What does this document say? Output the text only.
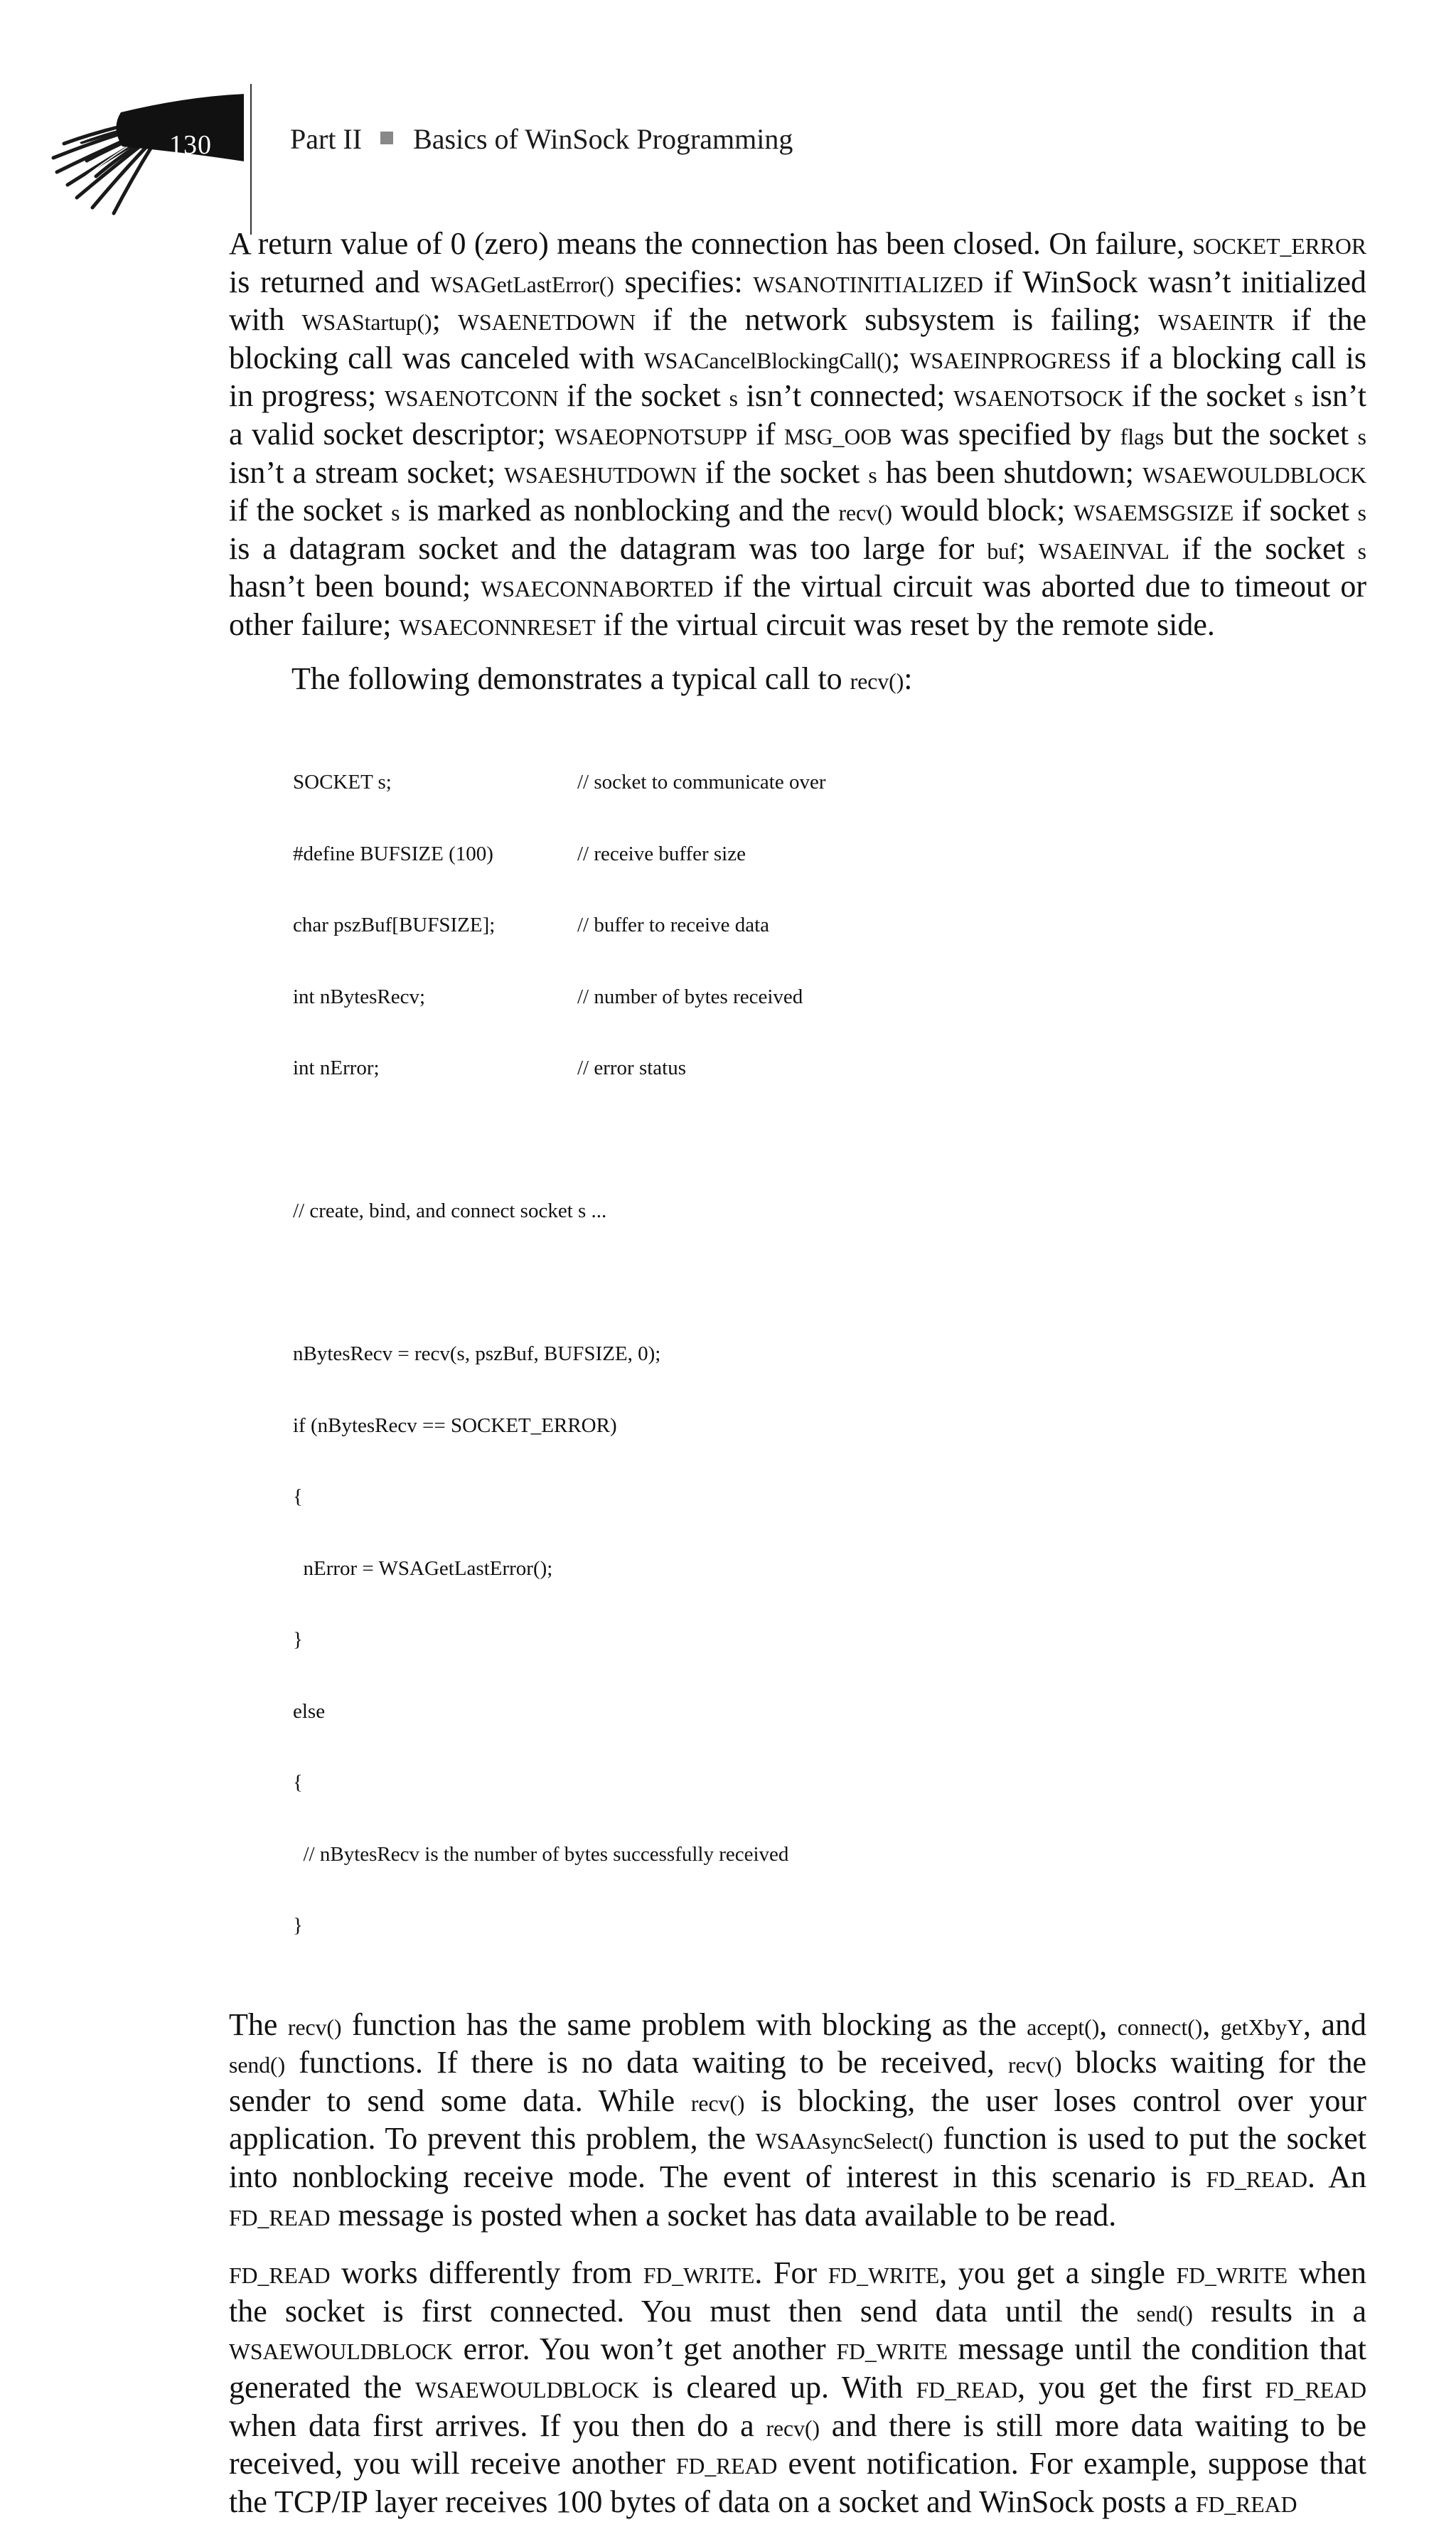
130	Part II Basics of WinSock Programming

A return value of 0 (zero) means the connection has been closed. On failure, SOCKET_ERROR is returned and WSAGetLastError() specifies: WSANOTINITIALIZED if WinSock wasn’t initialized with WSAStartup(); WSAENETDOWN if the network subsystem is failing; WSAEINTR if the blocking call was canceled with WSACancelBlockingCall(); WSAEINPROGRESS if a blocking call is in progress; WSAENOTCONN if the socket s isn’t connected; WSAENOTSOCK if the socket s isn’t a valid socket descriptor; WSAEOPNOTSUPP if MSG_OOB was specified by flags but the socket s isn’t a stream socket; WSAESHUTDOWN if the socket s has been shutdown; WSAEWOULDBLOCK if the socket s is marked as nonblocking and the recv() would block; WSAEMSGSIZE if socket s is a datagram socket and the datagram was too large for buf; WSAEINVAL if the socket s hasn’t been bound; WSAECONNABORTED if the virtual circuit was aborted due to timeout or other failure; WSAECONNRESET if the virtual circuit was reset by the remote side.

The following demonstrates a typical call to recv():

SOCKET s;	// socket to communicate over

#define BUFSIZE (100)	// receive buffer size

char pszBuf[BUFSIZE];	// buffer to receive data

int nBytesRecv;	// number of bytes received

int nError;	// error status

// create, bind, and connect socket s ...

nBytesRecv = recv(s, pszBuf, BUFSIZE, 0);

if (nBytesRecv == SOCKET_ERROR)

{

nError = WSAGetLastError();

}

else

{

// nBytesRecv is the number of bytes successfully received

}

The recv() function has the same problem with blocking as the accept(), connect(), getXbyY, and send() functions. If there is no data waiting to be received, recv() blocks waiting for the sender to send some data. While recv() is blocking, the user loses control over your application. To prevent this problem, the WSAAsyncSelect() function is used to put the socket into nonblocking receive mode. The event of interest in this scenario is FD_READ. An FD_READ message is posted when a socket has data available to be read.

FD_READ works differently from FD_WRITE. For FD_WRITE, you get a single FD_WRITE when the socket is first connected. You must then send data until the send() results in a WSAEWOULDBLOCK error. You won’t get another FD_WRITE message until the condition that generated the WSAEWOULDBLOCK is cleared up. With FD_READ, you get the first FD_READ when data first arrives. If you then do a recv() and there is still more data waiting to be received, you will receive another FD_READ event notification. For example, suppose that the TCP/IP layer receives 100 bytes of data on a socket and WinSock posts a FD_READ
